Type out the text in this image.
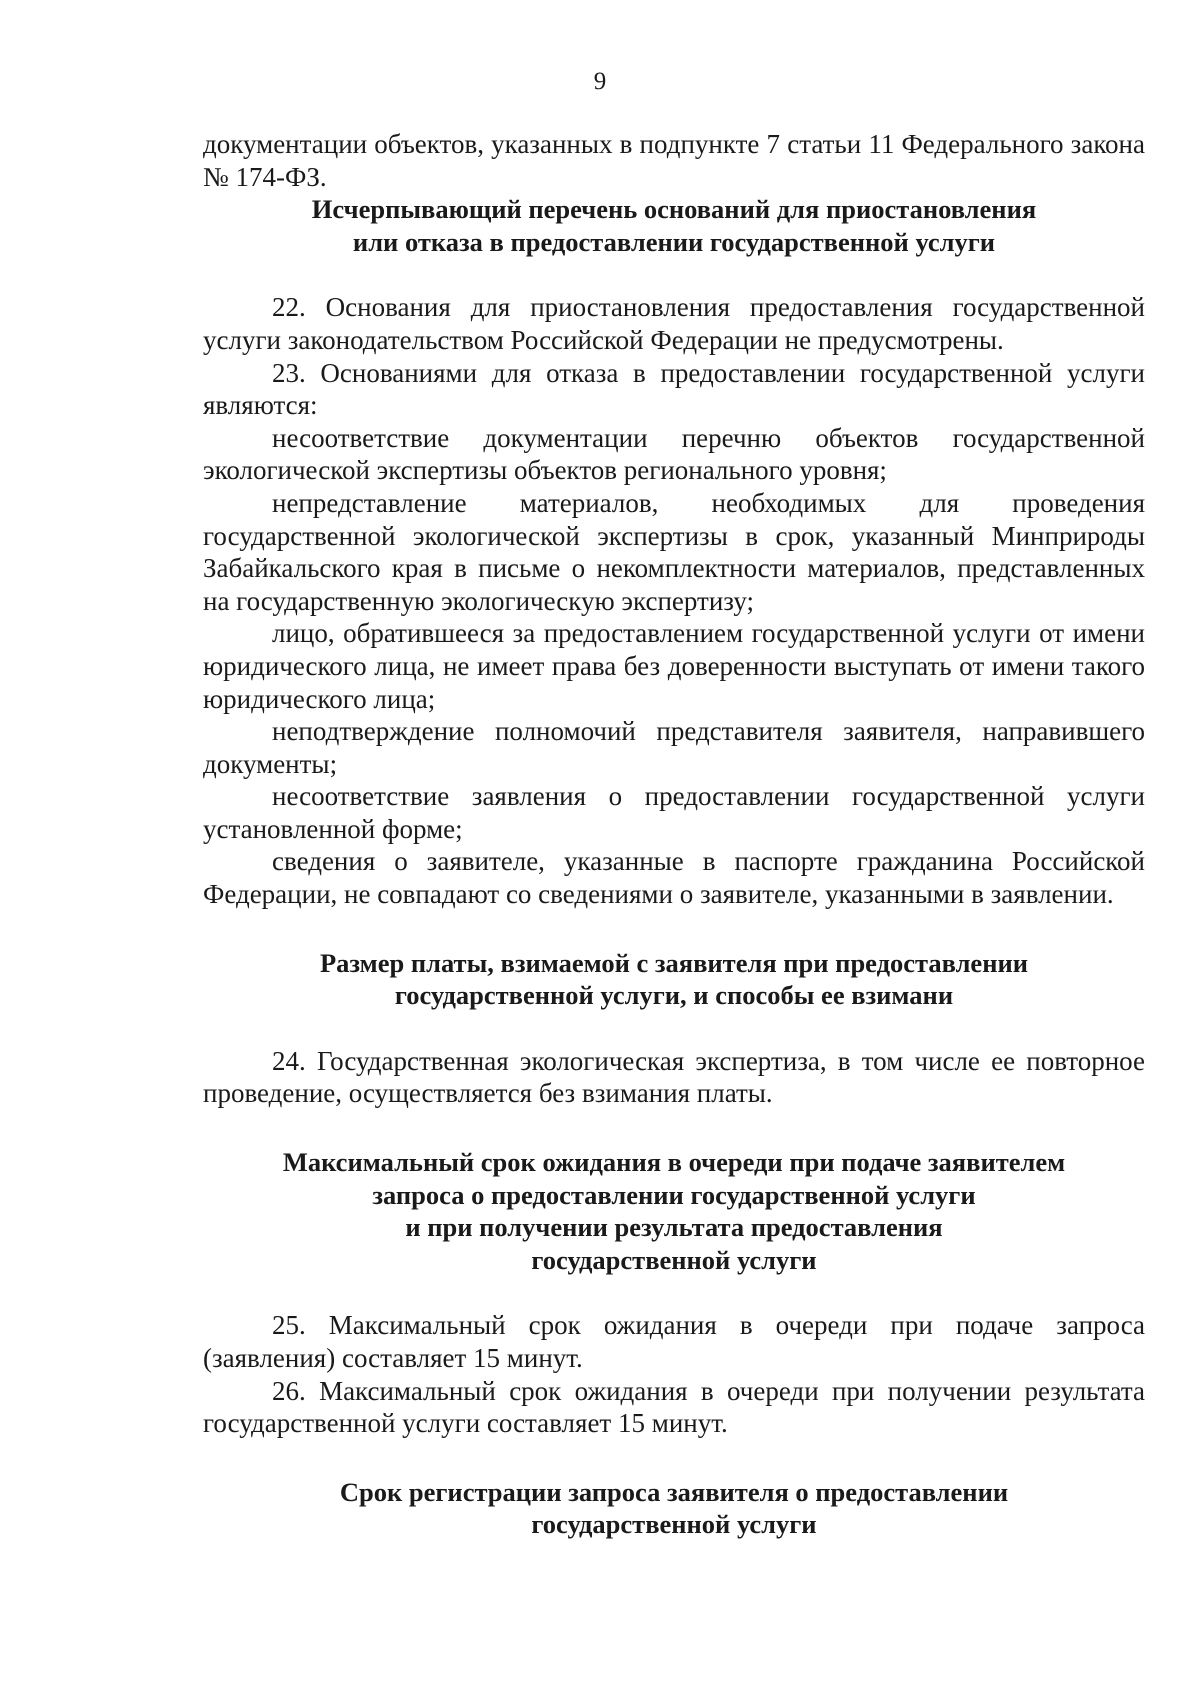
9

документации объектов, указанных в подпункте 7 статьи 11 Федерального закона № 174-ФЗ.

Исчерпывающий перечень оснований для приостановления

или отказа в предоставлении государственной услуги

22. Основания для приостановления предоставления государственной услуги законодательством Российской Федерации не предусмотрены.

23. Основаниями для отказа в предоставлении государственной услуги являются:

несоответствие документации перечню объектов государственной экологической экспертизы объектов регионального уровня;

непредставление материалов, необходимых для проведения государственной экологической экспертизы в срок, указанный Минприроды Забайкальского края в письме о некомплектности материалов, представленных на государственную экологическую экспертизу;

лицо, обратившееся за предоставлением государственной услуги от имени юридического лица, не имеет права без доверенности выступать от имени такого юридического лица;

неподтверждение полномочий представителя заявителя, направившего документы;

несоответствие заявления о предоставлении государственной услуги установленной форме;

сведения о заявителе, указанные в паспорте гражданина Российской Федерации, не совпадают со сведениями о заявителе, указанными в заявлении.

Размер платы, взимаемой с заявителя при предоставлении

государственной услуги, и способы ее взимани

24. Государственная экологическая экспертиза, в том числе ее повторное проведение, осуществляется без взимания платы.

Максимальный срок ожидания в очереди при подаче заявителем

запроса о предоставлении государственной услуги

и при получении результата предоставления

государственной услуги

25. Максимальный срок ожидания в очереди при подаче запроса (заявления) составляет 15 минут.

26. Максимальный срок ожидания в очереди при получении результата государственной услуги составляет 15 минут.

Срок регистрации запроса заявителя о предоставлении

государственной услуги
